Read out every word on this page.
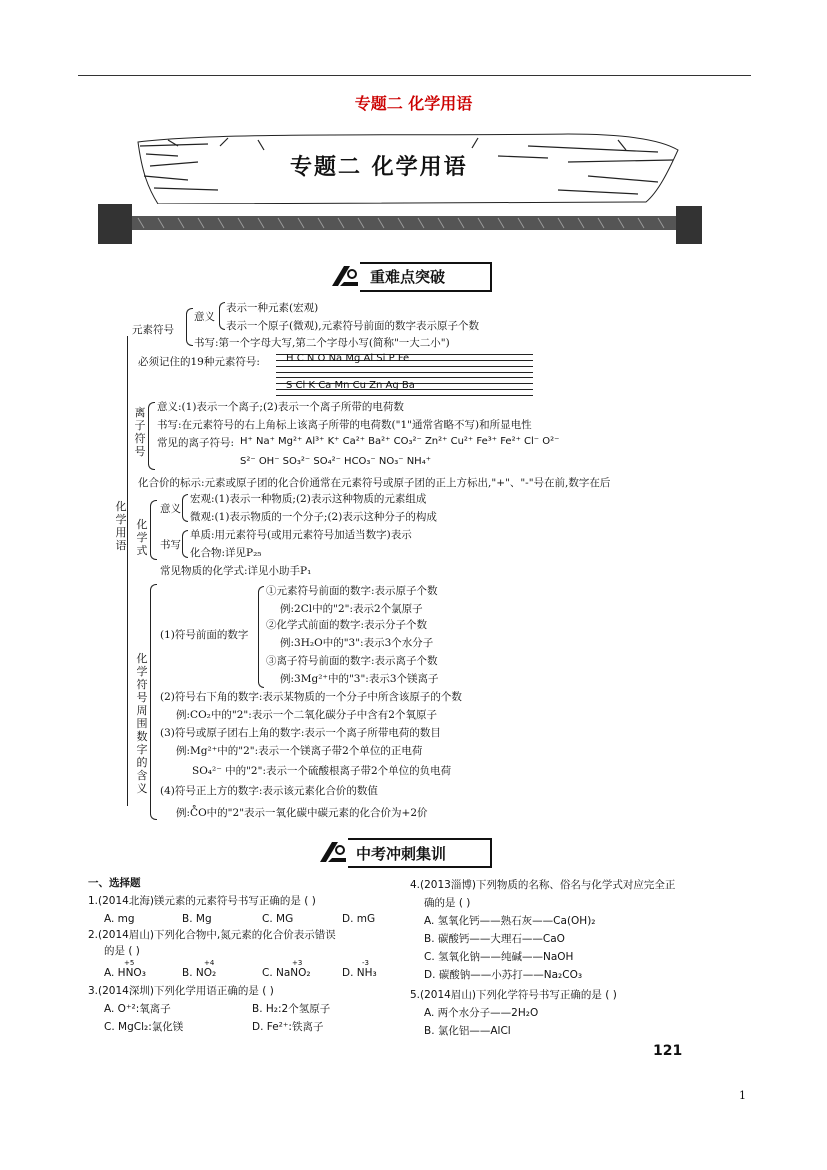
专题二 化学用语
专题二 化学用语
重难点突破
化学用语
元素符号
意义
表示一种元素(宏观)
表示一个原子(微观),元素符号前面的数字表示原子个数
书写:第一个字母大写,第二个字母小写(简称"一大二小")
必须记住的19种元素符号:	H C N O Na Mg Al Si P Fe
S Cl K Ca Mn Cu Zn Ag Ba
离子符号
意义:(1)表示一个离子;(2)表示一个离子所带的电荷数
书写:在元素符号的右上角标上该离子所带的电荷数("1"通常省略不写)和所显电性
常见的离子符号: H⁺ Na⁺ Mg²⁺ Al³⁺ K⁺ Ca²⁺ Ba²⁺ CO₃²⁻ Zn²⁺ Cu²⁺ Fe³⁺ Fe²⁺ Cl⁻ O²⁻
S²⁻ OH⁻ SO₃²⁻ SO₄²⁻ HCO₃⁻ NO₃⁻ NH₄⁺
化合价的标示:元素或原子团的化合价通常在元素符号或原子团的正上方标出,"+"、"-"号在前,数字在后
化学式
意义
宏观:(1)表示一种物质;(2)表示这种物质的元素组成
微观:(1)表示物质的一个分子;(2)表示这种分子的构成
书写
单质:用元素符号(或用元素符号加适当数字)表示
化合物:详见P₂₅
常见物质的化学式:详见小助手P₁
化学符号周围数字的含义
(1)符号前面的数字
①元素符号前面的数字:表示原子个数
例:2Cl中的"2":表示2个氯原子
②化学式前面的数字:表示分子个数
例:3H₂O中的"3":表示3个水分子
③离子符号前面的数字:表示离子个数
例:3Mg²⁺中的"3":表示3个镁离子
(2)符号右下角的数字:表示某物质的一个分子中所含该原子的个数
例:CO₂中的"2":表示一个二氧化碳分子中含有2个氧原子
(3)符号或原子团右上角的数字:表示一个离子所带电荷的数目
例:Mg²⁺中的"2":表示一个镁离子带2个单位的正电荷
SO₄²⁻ 中的"2":表示一个硫酸根离子带2个单位的负电荷
(4)符号正上方的数字:表示该元素化合价的数值
例:C̊O中的"2"表示一氧化碳中碳元素的化合价为+2价
中考冲刺集训
一、选择题
1.(2014北海)镁元素的元素符号书写正确的是 ( )
A. mg	B. Mg	C. MG	D. mG
2.(2014眉山)下列化合物中,氮元素的化合价表示错误
的是 ( )
+5	+4	+3	-3
A. HNO₃	B. NO₂	C. NaNO₂	D. NH₃
3.(2014深圳)下列化学用语正确的是 ( )
A. O⁺²:氧离子	B. H₂:2个氢原子
C. MgCl₂:氯化镁	D. Fe²⁺:铁离子
4.(2013淄博)下列物质的名称、俗名与化学式对应完全正
确的是 ( )
A. 氢氧化钙——熟石灰——Ca(OH)₂
B. 碳酸钙——大理石——CaO
C. 氢氧化钠——纯碱——NaOH
D. 碳酸钠——小苏打——Na₂CO₃
5.(2014眉山)下列化学符号书写正确的是 ( )
A. 两个水分子——2H₂O
B. 氯化铝——AlCl
121
1
